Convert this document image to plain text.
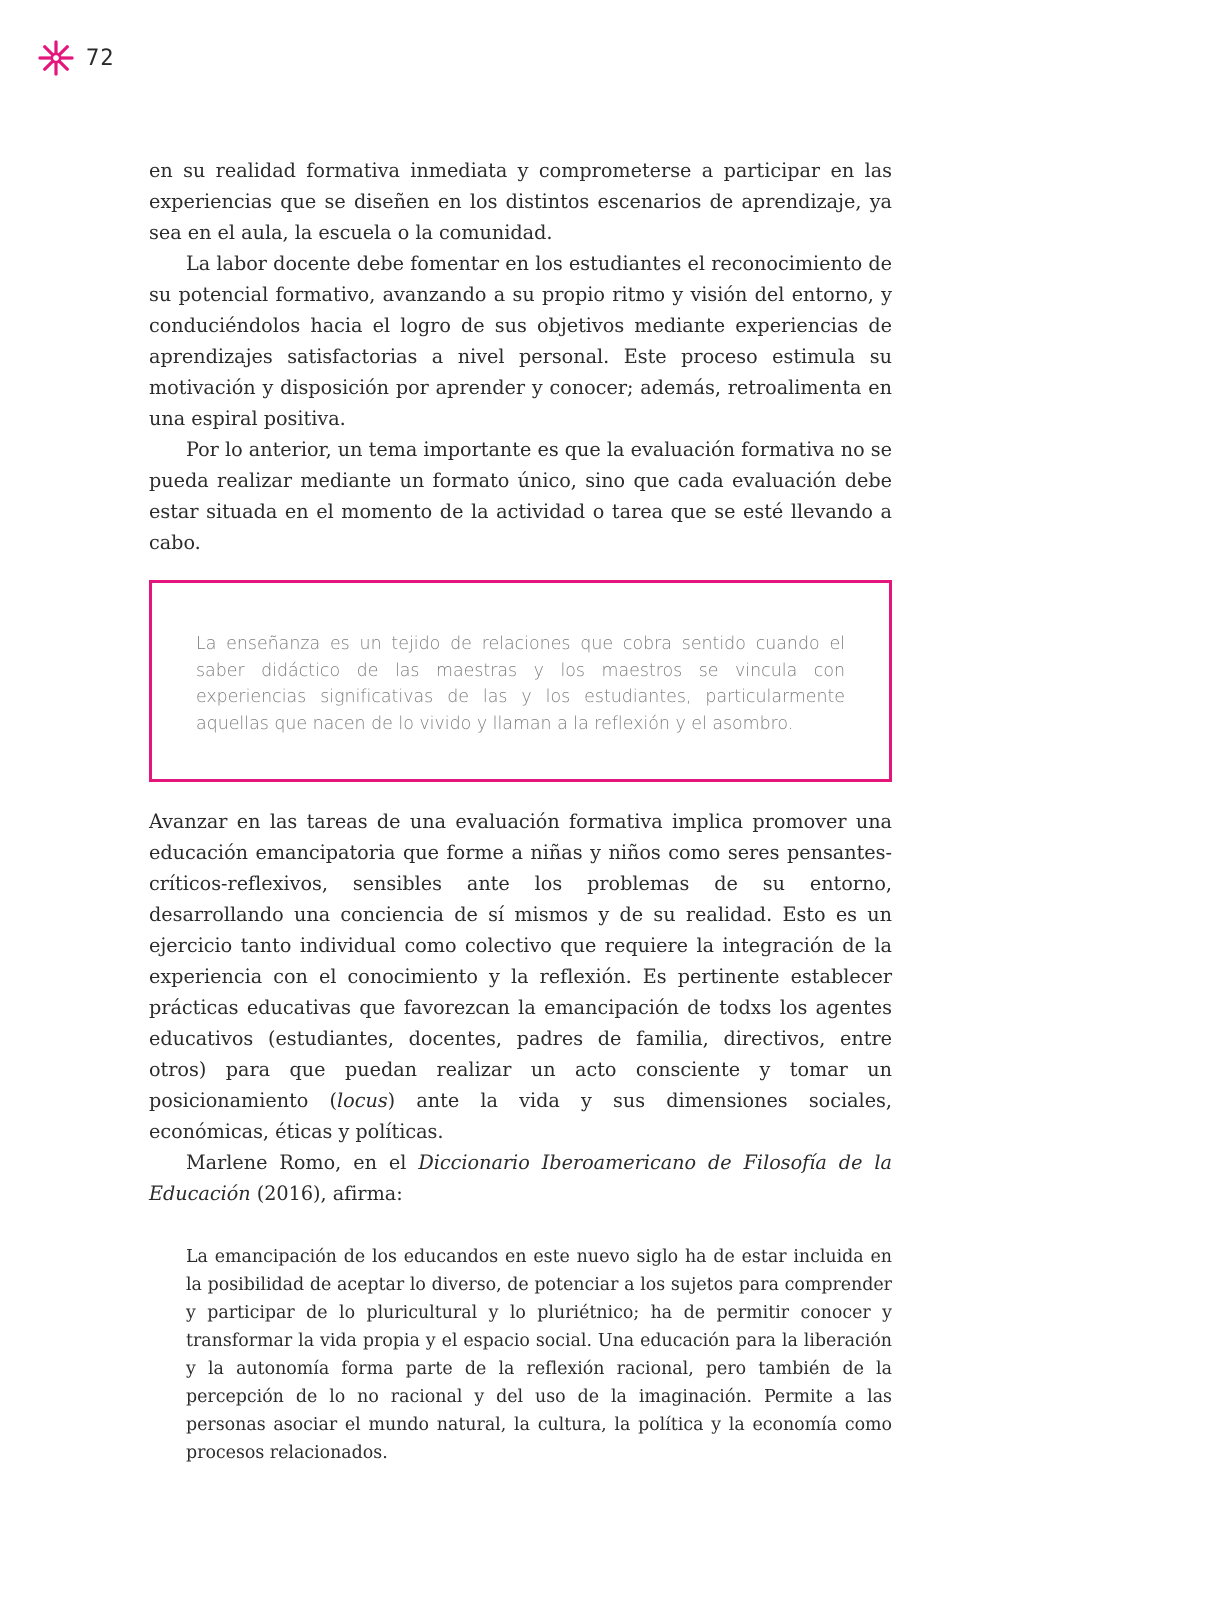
72

en su realidad formativa inmediata y comprometerse a participar en las experiencias que se diseñen en los distintos escenarios de aprendizaje, ya sea en el aula, la escuela o la comunidad.

La labor docente debe fomentar en los estudiantes el reconocimiento de su potencial formativo, avanzando a su propio ritmo y visión del entorno, y conduciéndolos hacia el logro de sus objetivos mediante experiencias de aprendizajes satisfactorias a nivel personal. Este proceso estimula su motivación y disposición por aprender y conocer; además, retroalimenta en una espiral positiva.

Por lo anterior, un tema importante es que la evaluación formativa no se pueda realizar mediante un formato único, sino que cada evaluación debe estar situada en el momento de la actividad o tarea que se esté llevando a cabo.

La enseñanza es un tejido de relaciones que cobra sentido cuando el saber didáctico de las maestras y los maestros se vincula con experiencias significativas de las y los estudiantes, particularmente aquellas que nacen de lo vivido y llaman a la reflexión y el asombro.

Avanzar en las tareas de una evaluación formativa implica promover una educación emancipatoria que forme a niñas y niños como seres pensantes-críticos-reflexivos, sensibles ante los problemas de su entorno, desarrollando una conciencia de sí mismos y de su realidad. Esto es un ejercicio tanto individual como colectivo que requiere la integración de la experiencia con el conocimiento y la reflexión. Es pertinente establecer prácticas educativas que favorezcan la emancipación de todxs los agentes educativos (estudiantes, docentes, padres de familia, directivos, entre otros) para que puedan realizar un acto consciente y tomar un posicionamiento (locus) ante la vida y sus dimensiones sociales, económicas, éticas y políticas.

Marlene Romo, en el Diccionario Iberoamericano de Filosofía de la Educación (2016), afirma:

La emancipación de los educandos en este nuevo siglo ha de estar incluida en la posibilidad de aceptar lo diverso, de potenciar a los sujetos para comprender y participar de lo pluricultural y lo pluriétnico; ha de permitir conocer y transformar la vida propia y el espacio social. Una educación para la liberación y la autonomía forma parte de la reflexión racional, pero también de la percepción de lo no racional y del uso de la imaginación. Permite a las personas asociar el mundo natural, la cultura, la política y la economía como procesos relacionados.
